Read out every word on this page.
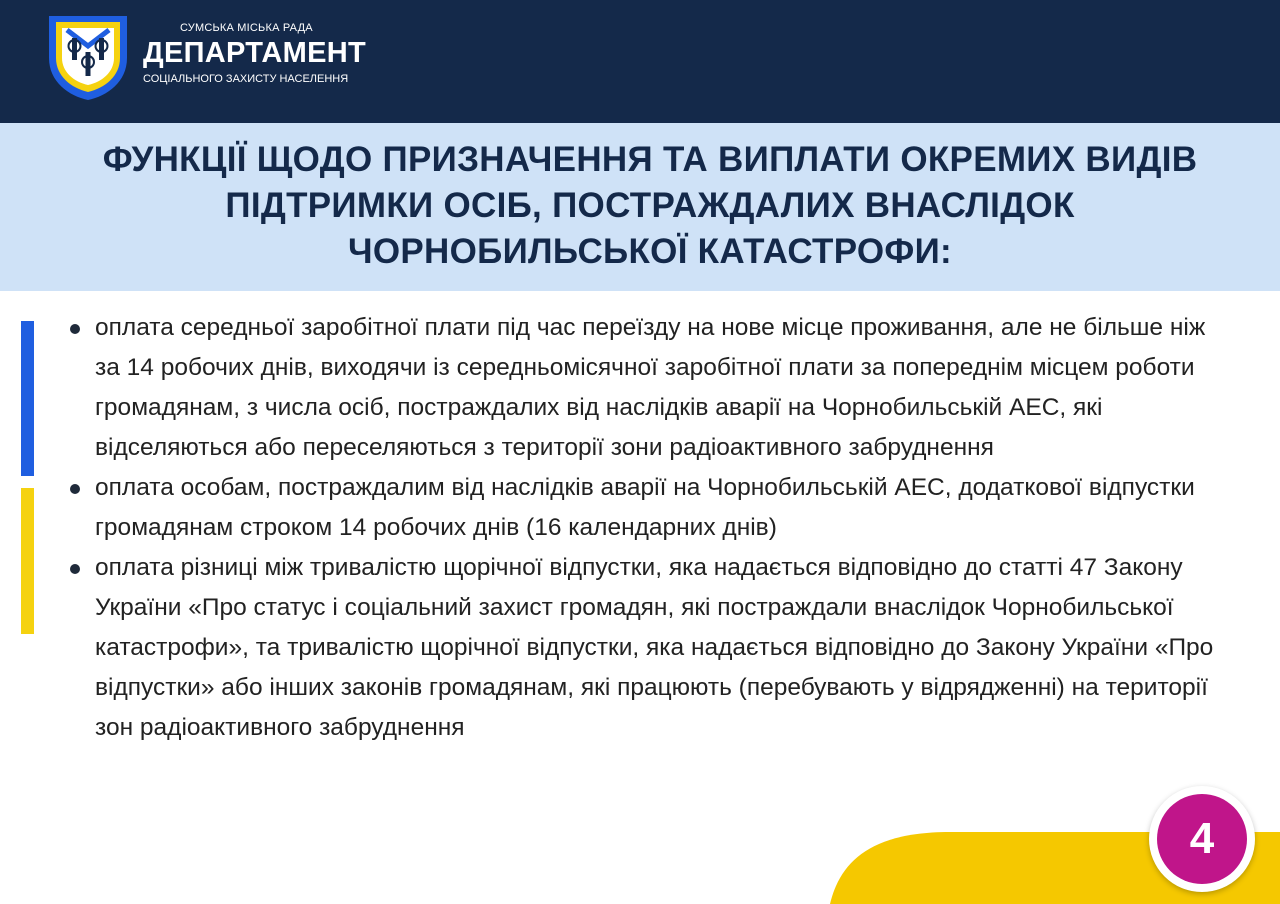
СУМСЬКА МІСЬКА РАДА
ДЕПАРТАМЕНТ
СОЦІАЛЬНОГО ЗАХИСТУ НАСЕЛЕННЯ
ФУНКЦІЇ ЩОДО ПРИЗНАЧЕННЯ ТА ВИПЛАТИ ОКРЕМИХ ВИДІВ ПІДТРИМКИ ОСІБ, ПОСТРАЖДАЛИХ ВНАСЛІДОК ЧОРНОБИЛЬСЬКОЇ КАТАСТРОФИ:
оплата середньої заробітної плати під час переїзду на нове місце проживання, але не більше ніж за 14 робочих днів, виходячи із середньомісячної заробітної плати за попереднім місцем роботи громадянам, з числа осіб, постраждалих від наслідків аварії на Чорнобильській АЕС, які відселяються або переселяються з території зони радіоактивного забруднення
оплата особам, постраждалим від наслідків аварії на Чорнобильській АЕС, додаткової відпустки громадянам строком 14 робочих днів (16 календарних днів)
оплата різниці між тривалістю щорічної відпустки, яка надається відповідно до статті 47 Закону України «Про статус і соціальний захист громадян, які постраждали внаслідок Чорнобильської катастрофи», та тривалістю щорічної відпустки, яка надається відповідно до Закону України «Про відпустки» або інших законів громадянам, які працюють (перебувають у відрядженні) на території зон радіоактивного забруднення
4
